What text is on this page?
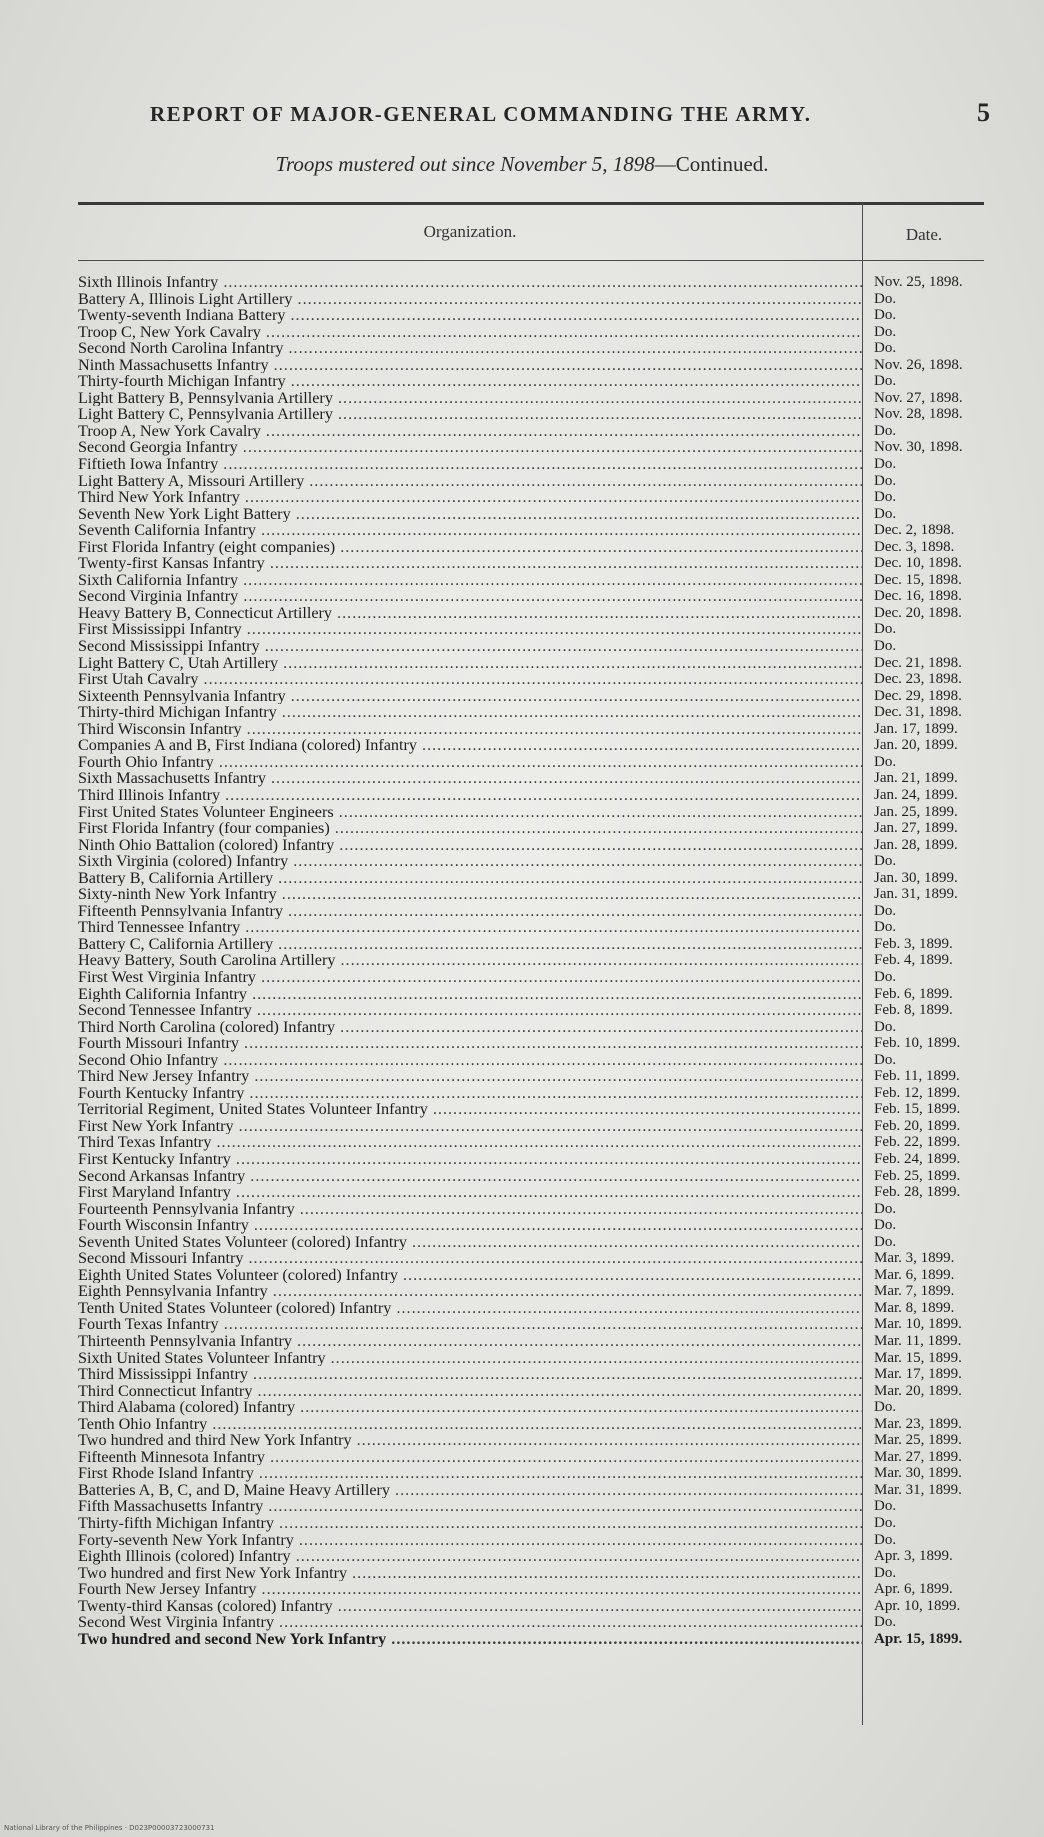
REPORT OF MAJOR-GENERAL COMMANDING THE ARMY.	5
Troops mustered out since November 5, 1898—Continued.
Organization.	Date.
Sixth Illinois Infantry .....	Nov. 25, 1898.
Battery A, Illinois Light Artillery .....	Do.
Twenty-seventh Indiana Battery .....	Do.
Troop C, New York Cavalry .....	Do.
Second North Carolina Infantry .....	Do.
Ninth Massachusetts Infantry .....	Nov. 26, 1898.
Thirty-fourth Michigan Infantry .....	Do.
Light Battery B, Pennsylvania Artillery .....	Nov. 27, 1898.
Light Battery C, Pennsylvania Artillery .....	Nov. 28, 1898.
Troop A, New York Cavalry .....	Do.
Second Georgia Infantry .....	Nov. 30, 1898.
Fiftieth Iowa Infantry .....	Do.
Light Battery A, Missouri Artillery .....	Do.
Third New York Infantry .....	Do.
Seventh New York Light Battery .....	Do.
Seventh California Infantry .....	Dec. 2, 1898.
First Florida Infantry (eight companies) .....	Dec. 3, 1898.
Twenty-first Kansas Infantry .....	Dec. 10, 1898.
Sixth California Infantry .....	Dec. 15, 1898.
Second Virginia Infantry .....	Dec. 16, 1898.
Heavy Battery B, Connecticut Artillery .....	Dec. 20, 1898.
First Mississippi Infantry .....	Do.
Second Mississippi Infantry .....	Do.
Light Battery C, Utah Artillery .....	Dec. 21, 1898.
First Utah Cavalry .....	Dec. 23, 1898.
Sixteenth Pennsylvania Infantry .....	Dec. 29, 1898.
Thirty-third Michigan Infantry .....	Dec. 31, 1898.
Third Wisconsin Infantry .....	Jan. 17, 1899.
Companies A and B, First Indiana (colored) Infantry .....	Jan. 20, 1899.
Fourth Ohio Infantry .....	Do.
Sixth Massachusetts Infantry .....	Jan. 21, 1899.
Third Illinois Infantry .....	Jan. 24, 1899.
First United States Volunteer Engineers .....	Jan. 25, 1899.
First Florida Infantry (four companies) .....	Jan. 27, 1899.
Ninth Ohio Battalion (colored) Infantry .....	Jan. 28, 1899.
Sixth Virginia (colored) Infantry .....	Do.
Battery B, California Artillery .....	Jan. 30, 1899.
Sixty-ninth New York Infantry .....	Jan. 31, 1899.
Fifteenth Pennsylvania Infantry .....	Do.
Third Tennessee Infantry .....	Do.
Battery C, California Artillery .....	Feb. 3, 1899.
Heavy Battery, South Carolina Artillery .....	Feb. 4, 1899.
First West Virginia Infantry .....	Do.
Eighth California Infantry .....	Feb. 6, 1899.
Second Tennessee Infantry .....	Feb. 8, 1899.
Third North Carolina (colored) Infantry .....	Do.
Fourth Missouri Infantry .....	Feb. 10, 1899.
Second Ohio Infantry .....	Do.
Third New Jersey Infantry .....	Feb. 11, 1899.
Fourth Kentucky Infantry .....	Feb. 12, 1899.
Territorial Regiment, United States Volunteer Infantry .....	Feb. 15, 1899.
First New York Infantry .....	Feb. 20, 1899.
Third Texas Infantry .....	Feb. 22, 1899.
First Kentucky Infantry .....	Feb. 24, 1899.
Second Arkansas Infantry .....	Feb. 25, 1899.
First Maryland Infantry .....	Feb. 28, 1899.
Fourteenth Pennsylvania Infantry .....	Do.
Fourth Wisconsin Infantry .....	Do.
Seventh United States Volunteer (colored) Infantry .....	Do.
Second Missouri Infantry .....	Mar. 3, 1899.
Eighth United States Volunteer (colored) Infantry .....	Mar. 6, 1899.
Eighth Pennsylvania Infantry .....	Mar. 7, 1899.
Tenth United States Volunteer (colored) Infantry .....	Mar. 8, 1899.
Fourth Texas Infantry .....	Mar. 10, 1899.
Thirteenth Pennsylvania Infantry .....	Mar. 11, 1899.
Sixth United States Volunteer Infantry .....	Mar. 15, 1899.
Third Mississippi Infantry .....	Mar. 17, 1899.
Third Connecticut Infantry .....	Mar. 20, 1899.
Third Alabama (colored) Infantry .....	Do.
Tenth Ohio Infantry .....	Mar. 23, 1899.
Two hundred and third New York Infantry .....	Mar. 25, 1899.
Fifteenth Minnesota Infantry .....	Mar. 27, 1899.
First Rhode Island Infantry .....	Mar. 30, 1899.
Batteries A, B, C, and D, Maine Heavy Artillery .....	Mar. 31, 1899.
Fifth Massachusetts Infantry .....	Do.
Thirty-fifth Michigan Infantry .....	Do.
Forty-seventh New York Infantry .....	Do.
Eighth Illinois (colored) Infantry .....	Apr. 3, 1899.
Two hundred and first New York Infantry .....	Do.
Fourth New Jersey Infantry .....	Apr. 6, 1899.
Twenty-third Kansas (colored) Infantry .....	Apr. 10, 1899.
Second West Virginia Infantry .....	Do.
Two hundred and second New York Infantry .....	Apr. 15, 1899.
National Library of the Philippines · D023P00003723000731
